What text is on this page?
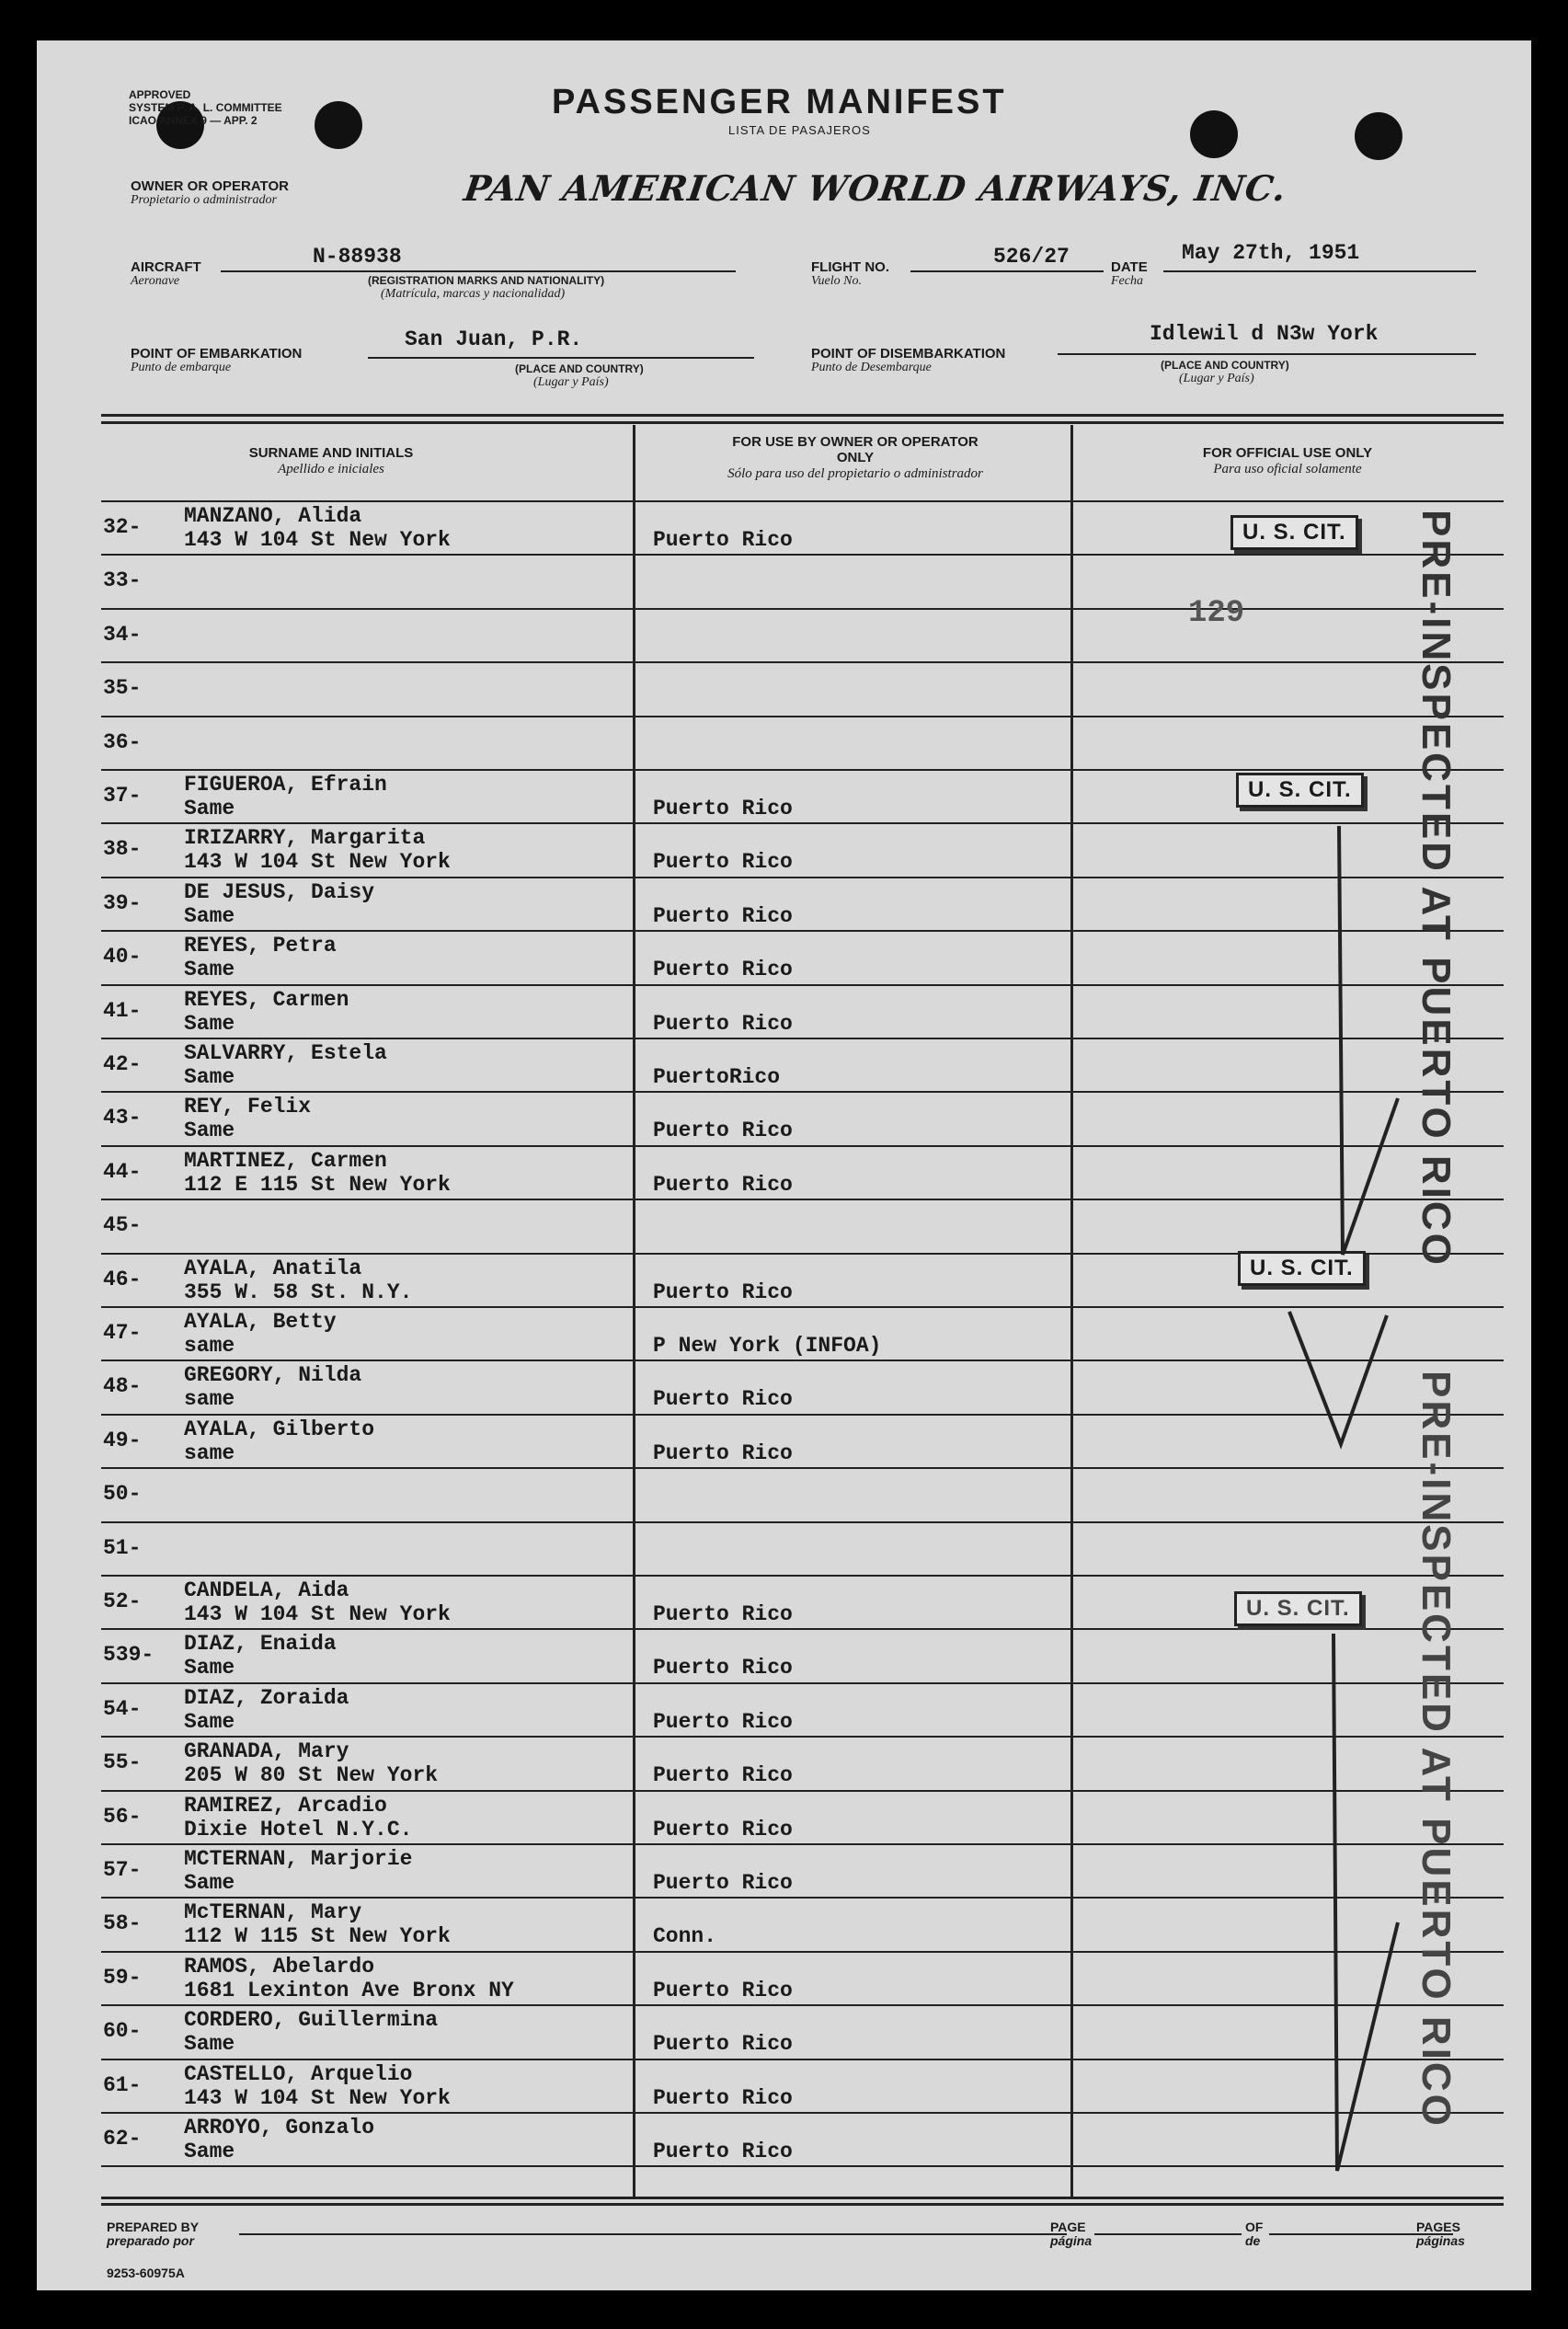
APPROVED
SYSTEM P. A. L. COMMITTEE
ICAO ANNEX 9 — APP. 2	PASSENGER MANIFEST
LISTA DE PASAJEROS
OWNER OR OPERATOR
Propietario o administrador	PAN AMERICAN WORLD AIRWAYS, INC.
AIRCRAFT
Aeronave
N-88938
(REGISTRATION MARKS AND NATIONALITY)
(Matrícula, marcas y nacionalidad)
FLIGHT NO.
Vuelo No.
526/27	DATE
Fecha
May 27th, 1951
POINT OF EMBARKATION
Punto de embarque
San Juan, P.R.
(PLACE AND COUNTRY)
(Lugar y País)
POINT OF DISEMBARKATION
Punto de Desembarque
Idlewil d N3w York
(PLACE AND COUNTRY)
(Lugar y País)
SURNAME AND INITIALS
Apellido e iniciales
FOR USE BY OWNER OR OPERATOR ONLY
Sólo para uso del propietario o administrador
FOR OFFICIAL USE ONLY
Para uso oficial solamente
32- MANZANO, Alida
143 W 104 St New York	Puerto Rico
33-
34-
35-
36-
37- FIGUEROA, Efrain
Same	Puerto Rico
38- IRIZARRY, Margarita
143 W 104 St New York	Puerto Rico
39- DE JESUS, Daisy
Same	Puerto Rico
40- REYES, Petra
Same	Puerto Rico
41- REYES, Carmen
Same	Puerto Rico
42- SALVARRY, Estela
Same	PuertoRico
43- REY, Felix
Same	Puerto Rico
44- MARTINEZ, Carmen
112 E 115 St New York	Puerto Rico
45-
46- AYALA, Anatila
355 W. 58 St. N.Y.	Puerto Rico
47- AYALA, Betty
same	P New York (INFOA)
48- GREGORY, Nilda
same	Puerto Rico
49- AYALA, Gilberto
same	Puerto Rico
50-
51-
52- CANDELA, Aida
143 W 104 St New York	Puerto Rico
539- DIAZ, Enaida
Same	Puerto Rico
54- DIAZ, Zoraida
Same	Puerto Rico
55- GRANADA, Mary
205 W 80 St New York	Puerto Rico
56- RAMIREZ, Arcadio
Dixie Hotel N.Y.C.	Puerto Rico
57- MCTERNAN, Marjorie
Same	Puerto Rico
58- McTERNAN, Mary
112 W 115 St New York	Conn.
59- RAMOS, Abelardo
1681 Lexinton Ave Bronx NY	Puerto Rico
60- CORDERO, Guillermina
Same	Puerto Rico
61- CASTELLO, Arquelio
143 W 104 St New York	Puerto Rico
62- ARROYO, Gonzalo
Same	Puerto Rico
U. S. CIT.
129
U. S. CIT.
U. S. CIT.
U. S. CIT.
PRE-INSPECTED AT PUERTO RICO
PRE-INSPECTED AT PUERTO RICO
PREPARED BY
preparado por
PAGE
página
OF
de
PAGES
páginas
9253-60975A
